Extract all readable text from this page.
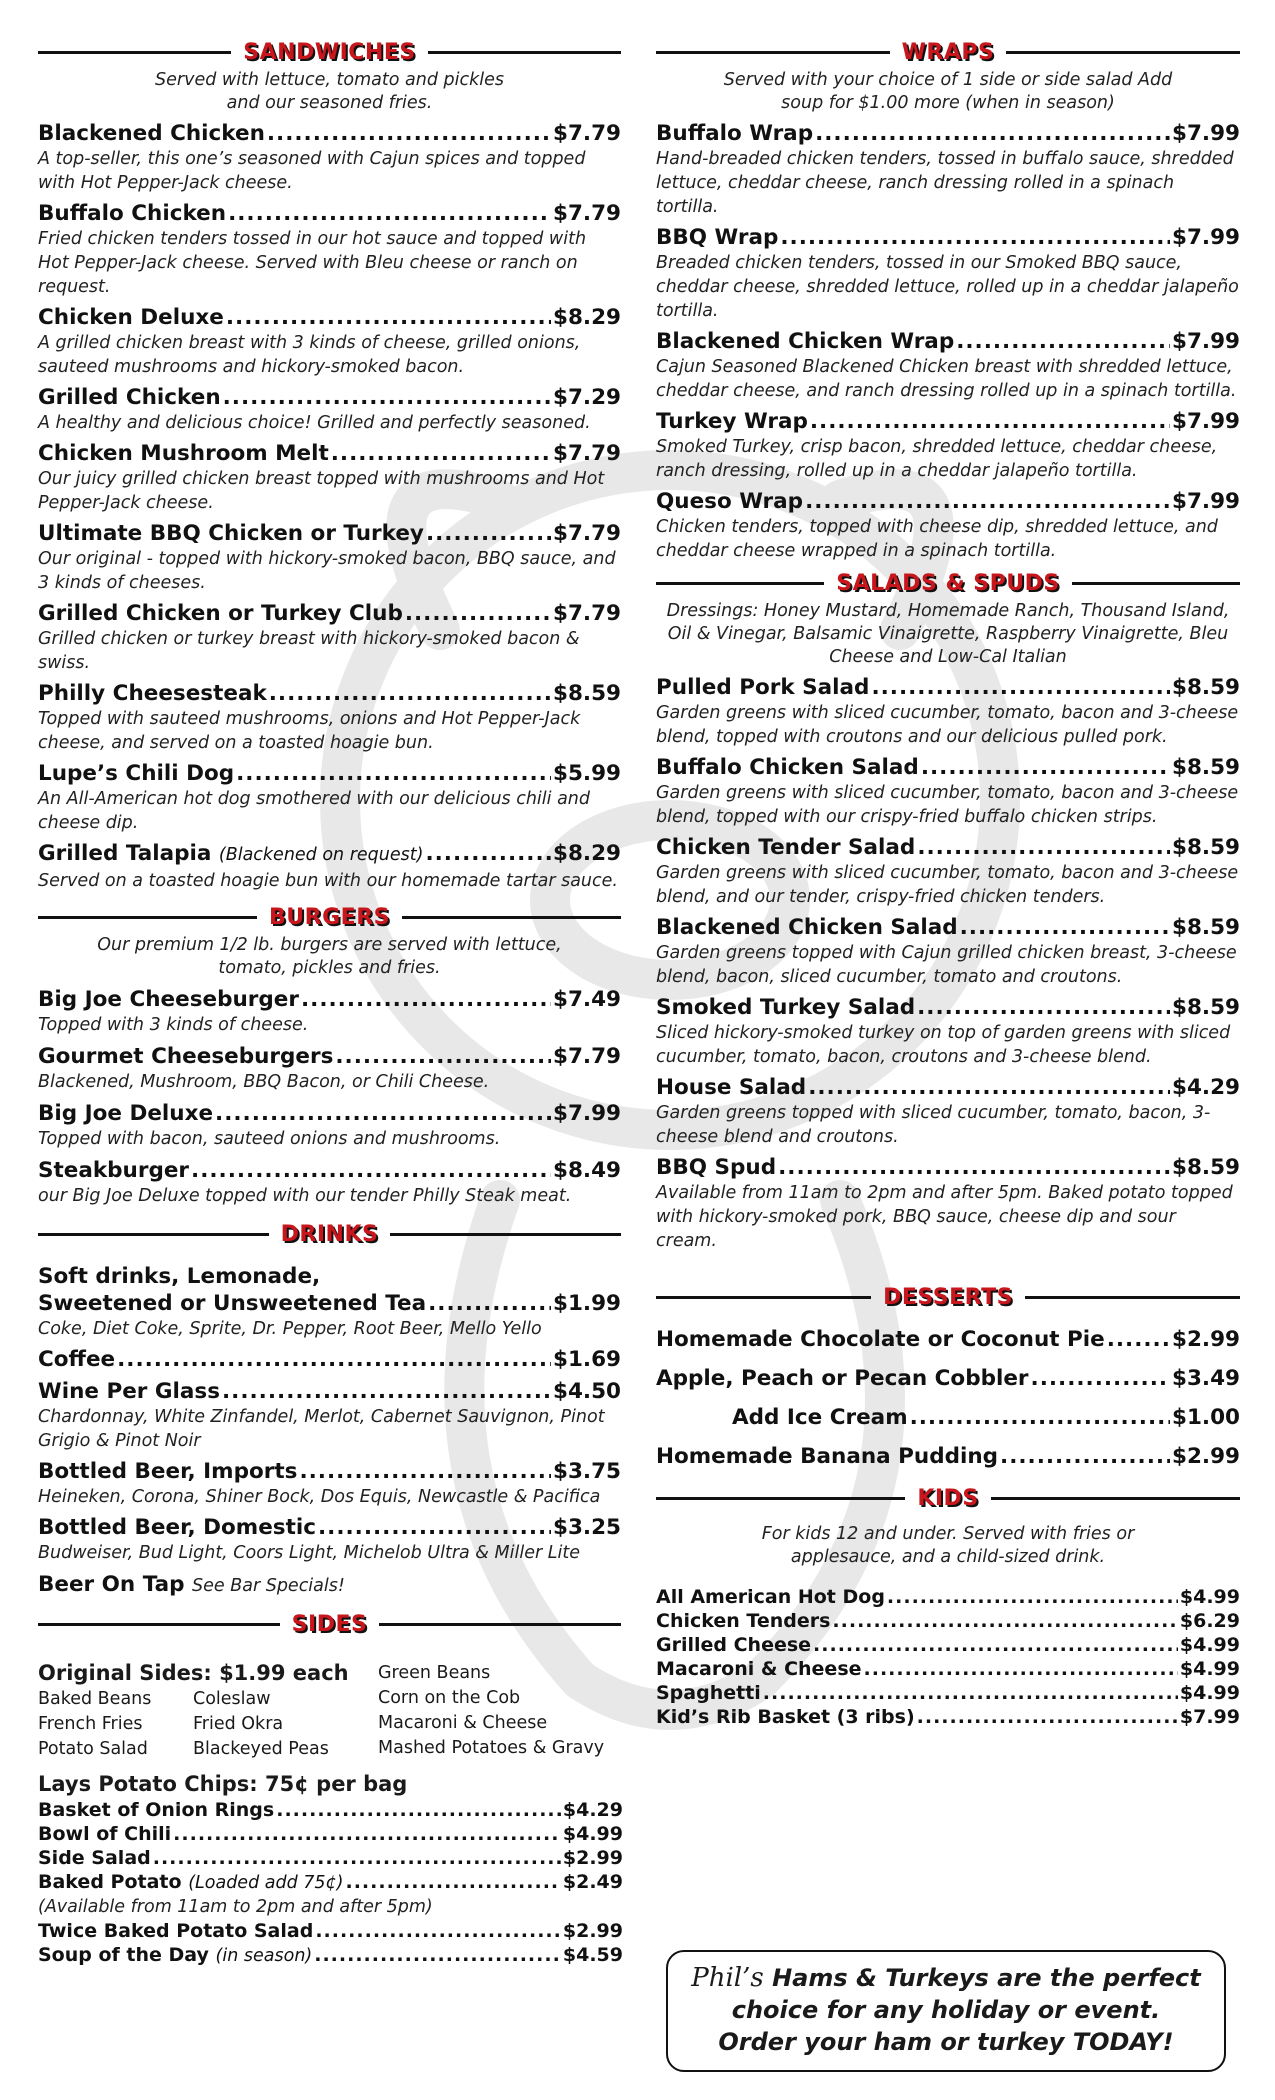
SANDWICHES
Served with lettuce, tomato and pickles and our seasoned fries.
Blackened Chicken .....	$7.79
A top-seller, this one’s seasoned with Cajun spices and topped with Hot Pepper-Jack cheese.
Buffalo Chicken .....	$7.79
Fried chicken tenders tossed in our hot sauce and topped with Hot Pepper-Jack cheese. Served with Bleu cheese or ranch on request.
Chicken Deluxe .....	$8.29
A grilled chicken breast with 3 kinds of cheese, grilled onions, sauteed mushrooms and hickory-smoked bacon.
Grilled Chicken .....	$7.29
A healthy and delicious choice! Grilled and perfectly seasoned.
Chicken Mushroom Melt .....	$7.79
Our juicy grilled chicken breast topped with mushrooms and Hot Pepper-Jack cheese.
Ultimate BBQ Chicken or Turkey .....	$7.79
Our original - topped with hickory-smoked bacon, BBQ sauce, and 3 kinds of cheeses.
Grilled Chicken or Turkey Club .....	$7.79
Grilled chicken or turkey breast with hickory-smoked bacon & swiss.
Philly Cheesesteak .....	$8.59
Topped with sauteed mushrooms, onions and Hot Pepper-Jack cheese, and served on a toasted hoagie bun.
Lupe’s Chili Dog .....	$5.99
An All-American hot dog smothered with our delicious chili and cheese dip.
Grilled Talapia (Blackened on request) .....	$8.29
Served on a toasted hoagie bun with our homemade tartar sauce.
BURGERS
Our premium 1/2 lb. burgers are served with lettuce, tomato, pickles and fries.
Big Joe Cheeseburger .....	$7.49
Topped with 3 kinds of cheese.
Gourmet Cheeseburgers .....	$7.79
Blackened, Mushroom, BBQ Bacon, or Chili Cheese.
Big Joe Deluxe .....	$7.99
Topped with bacon, sauteed onions and mushrooms.
Steakburger .....	$8.49
our Big Joe Deluxe topped with our tender Philly Steak meat.
DRINKS
Soft drinks, Lemonade,
Sweetened or Unsweetened Tea .....	$1.99
Coke, Diet Coke, Sprite, Dr. Pepper, Root Beer, Mello Yello
Coffee .....	$1.69
Wine Per Glass .....	$4.50
Chardonnay, White Zinfandel, Merlot, Cabernet Sauvignon, Pinot Grigio & Pinot Noir
Bottled Beer, Imports .....	$3.75
Heineken, Corona, Shiner Bock, Dos Equis, Newcastle & Pacifica
Bottled Beer, Domestic .....	$3.25
Budweiser, Bud Light, Coors Light, Michelob Ultra & Miller Lite
Beer On Tap
See Bar Specials!
SIDES
Original Sides: $1.99 each
Baked Beans
French Fries
Potato Salad
Coleslaw
Fried Okra
Blackeyed Peas
Green Beans
Corn on the Cob
Macaroni & Cheese
Mashed Potatoes & Gravy
Lays Potato Chips: 75¢ per bag
Basket of Onion Rings .....	$4.29
Bowl of Chili .....	$4.99
Side Salad .....	$2.99
Baked Potato (Loaded add 75¢) .....	$2.49
(Available from 11am to 2pm and after 5pm)
Twice Baked Potato Salad .....	$2.99
Soup of the Day (in season) .....	$4.59
WRAPS
Served with your choice of 1 side or side salad Add soup for $1.00 more (when in season)
Buffalo Wrap .....	$7.99
Hand-breaded chicken tenders, tossed in buffalo sauce, shredded lettuce, cheddar cheese, ranch dressing rolled in a spinach tortilla.
BBQ Wrap .....	$7.99
Breaded chicken tenders, tossed in our Smoked BBQ sauce, cheddar cheese, shredded lettuce, rolled up in a cheddar jalapeño tortilla.
Blackened Chicken Wrap .....	$7.99
Cajun Seasoned Blackened Chicken breast with shredded lettuce, cheddar cheese, and ranch dressing rolled up in a spinach tortilla.
Turkey Wrap .....	$7.99
Smoked Turkey, crisp bacon, shredded lettuce, cheddar cheese, ranch dressing, rolled up in a cheddar jalapeño tortilla.
Queso Wrap .....	$7.99
Chicken tenders, topped with cheese dip, shredded lettuce, and cheddar cheese wrapped in a spinach tortilla.
SALADS & SPUDS
Dressings: Honey Mustard, Homemade Ranch, Thousand Island, Oil & Vinegar, Balsamic Vinaigrette, Raspberry Vinaigrette, Bleu Cheese and Low-Cal Italian
Pulled Pork Salad .....	$8.59
Garden greens with sliced cucumber, tomato, bacon and 3-cheese blend, topped with croutons and our delicious pulled pork.
Buffalo Chicken Salad .....	$8.59
Garden greens with sliced cucumber, tomato, bacon and 3-cheese blend, topped with our crispy-fried buffalo chicken strips.
Chicken Tender Salad .....	$8.59
Garden greens with sliced cucumber, tomato, bacon and 3-cheese blend, and our tender, crispy-fried chicken tenders.
Blackened Chicken Salad .....	$8.59
Garden greens topped with Cajun grilled chicken breast, 3-cheese blend, bacon, sliced cucumber, tomato and croutons.
Smoked Turkey Salad .....	$8.59
Sliced hickory-smoked turkey on top of garden greens with sliced cucumber, tomato, bacon, croutons and 3-cheese blend.
House Salad .....	$4.29
Garden greens topped with sliced cucumber, tomato, bacon, 3-cheese blend and croutons.
BBQ Spud .....	$8.59
Available from 11am to 2pm and after 5pm. Baked potato topped with hickory-smoked pork, BBQ sauce, cheese dip and sour cream.
DESSERTS
Homemade Chocolate or Coconut Pie .....	$2.99
Apple, Peach or Pecan Cobbler .....	$3.49
Add Ice Cream .....	$1.00
Homemade Banana Pudding .....	$2.99
KIDS
For kids 12 and under. Served with fries or applesauce, and a child-sized drink.
All American Hot Dog .....	$4.99
Chicken Tenders .....	$6.29
Grilled Cheese .....	$4.99
Macaroni & Cheese .....	$4.99
Spaghetti .....	$4.99
Kid’s Rib Basket (3 ribs) .....	$7.99
Phil’s Hams & Turkeys are the perfect
choice for any holiday or event.
Order your ham or turkey TODAY!
